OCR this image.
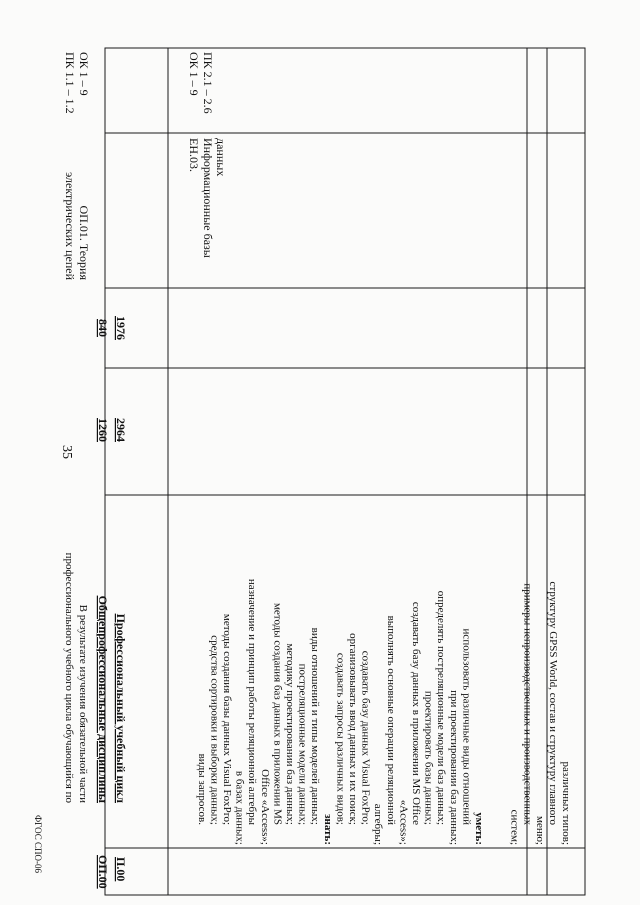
35
ФГОС СПО-06	различных типов;
структуру GPSS World, состав и структуру главного
меню;
примеры непроизводственных и производственных
систем;
уметь:
использовать различные виды отношений
при проектировании баз данных;
определять постреляционные модели баз данных;
проектировать базы данных;
создавать базу данных в приложении MS Office
«Access»;
выполнять основные операции реляционной
алгебры;
создавать базу данных Visual FoxPro;
организовывать ввод данных и их поиск;
создавать запросы различных видов;
знать:
виды отношений и типы моделей данных;
постреляционные модели данных;
методику проектировании баз данных;
методы создания баз данных в приложении MS
Office «Access»;
назначение и принцип работы реляционной алгебры
в базах данных;
методы создания базы данных Visual FoxPro;
средства сортировки и выборки данных;
виды запросов.
ЕН.03. Информационные базы данных
ОК 1 – 9 ПК 2.1 – 2.6
П.00
Профессиональный учебный цикл
2964
1976
ОП.00
Общепрофессиональные дисциплины
1260
840
В результате изучения обязательной части
профессионального учебного цикла обучающийся по
ОП.01. Теория
электрических цепей
ОК 1 – 9
ПК 1.1 – 1.2
